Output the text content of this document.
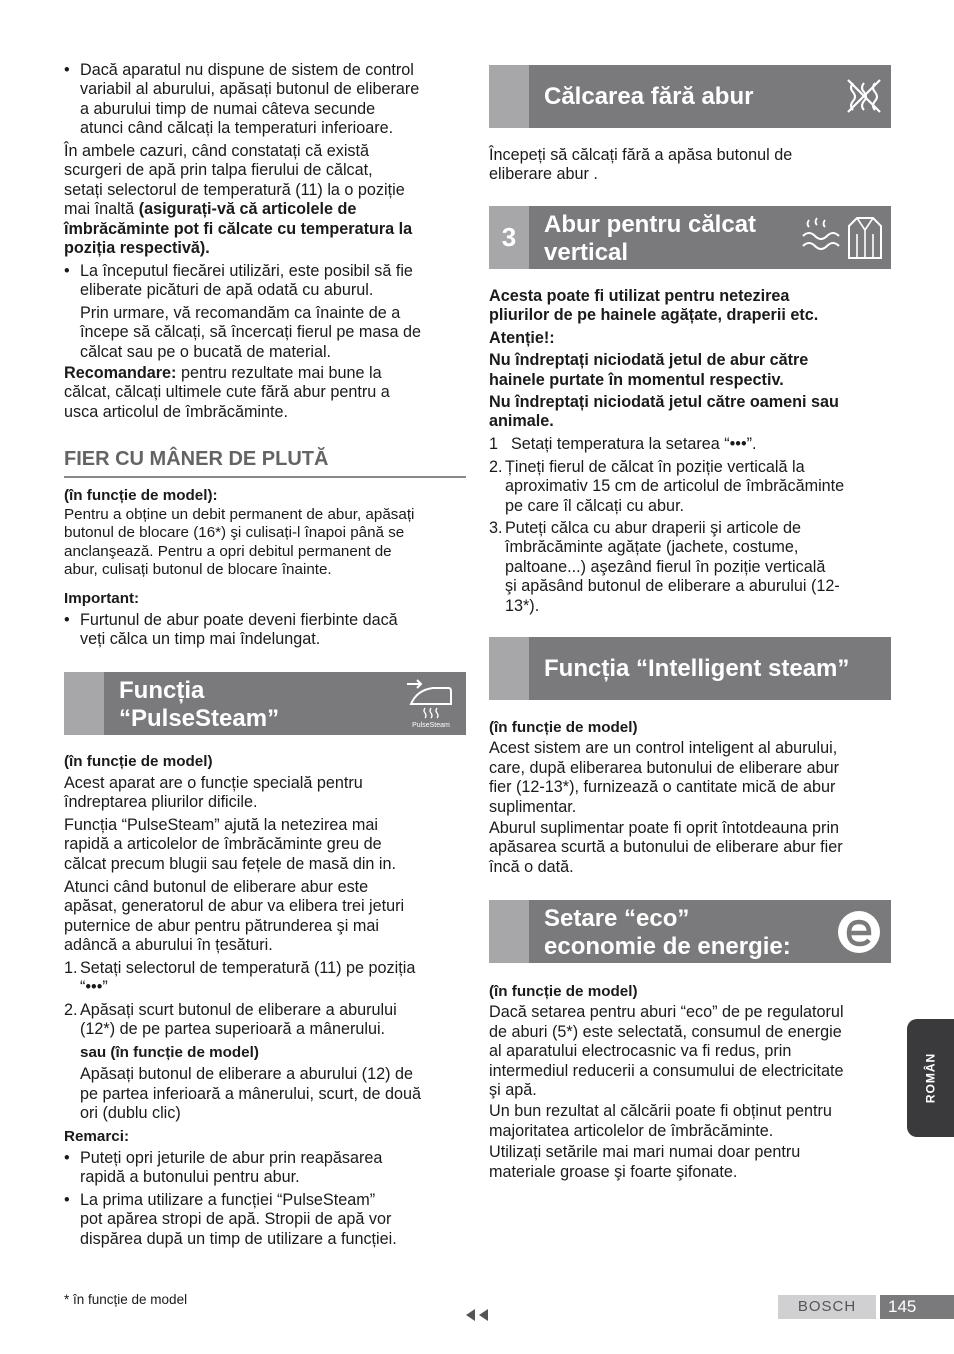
• Dacă aparatul nu dispune de sistem de control

variabil al aburului, apăsați butonul de eliberare

a aburului timp de numai câteva secunde

atunci când călcați la temperaturi inferioare.

În ambele cazuri, când constatați că există

scurgeri de apă prin talpa fierului de călcat,

setați selectorul de temperatură (11) la o poziție

mai înaltă (asigurați-vă că articolele de

îmbrăcăminte pot fi călcate cu temperatura la

poziția respectivă).

• La începutul fiecărei utilizări, este posibil să fie

eliberate picături de apă odată cu aburul.

Prin urmare, vă recomandăm ca înainte de a

începe să călcați, să încercați fierul pe masa de

călcat sau pe o bucată de material.

Recomandare: pentru rezultate mai bune la

călcat, călcați ultimele cute fără abur pentru a

usca articolul de îmbrăcăminte.

FIER CU MÂNER DE PLUTĂ

(în funcție de model):

Pentru a obține un debit permanent de abur, apăsați

butonul de blocare (16*) şi culisați-l înapoi până se

anclanşează. Pentru a opri debitul permanent de

abur, culisați butonul de blocare înainte.

Important:

• Furtunul de abur poate deveni fierbinte dacă

veți călca un timp mai îndelungat.

Funcția
“PulseSteam”	PulseSteam

(în funcție de model)

Acest aparat are o funcție specială pentru

îndreptarea pliurilor dificile.

Funcția “PulseSteam” ajută la netezirea mai

rapidă a articolelor de îmbrăcăminte greu de

călcat precum blugii sau fețele de masă din in.

Atunci când butonul de eliberare abur este

apăsat, generatorul de abur va elibera trei jeturi

puternice de abur pentru pătrunderea şi mai

adâncă a aburului în țesături.

1. Setați selectorul de temperatură (11) pe poziția

“•••”

2. Apăsați scurt butonul de eliberare a aburului

(12*) de pe partea superioară a mânerului.

sau (în funcție de model)

Apăsați butonul de eliberare a aburului (12) de

pe partea inferioară a mânerului, scurt, de două

ori (dublu clic)

Remarci:

• Puteți opri jeturile de abur prin reapăsarea

rapidă a butonului pentru abur.

• La prima utilizare a funcției “PulseSteam”

pot apărea stropi de apă. Stropii de apă vor

dispărea după un timp de utilizare a funcției.

Călcarea fără abur

Începeți să călcați fără a apăsa butonul de

eliberare abur .

3	Abur pentru călcat
vertical

Acesta poate fi utilizat pentru netezirea

pliurilor de pe hainele agățate, draperii etc.

Atenție!:

Nu îndreptați niciodată jetul de abur către

hainele purtate în momentul respectiv.

Nu îndreptați niciodată jetul către oameni sau

animale.

1 Setați temperatura la setarea “•••”.

2. Țineți fierul de călcat în poziție verticală la

aproximativ 15 cm de articolul de îmbrăcăminte

pe care îl călcați cu abur.

3. Puteți călca cu abur draperii şi articole de

îmbrăcăminte agățate (jachete, costume,

paltoane...) aşezând fierul în poziție verticală

şi apăsând butonul de eliberare a aburului (12-

13*).

Funcția “Intelligent steam”

(în funcție de model)

Acest sistem are un control inteligent al aburului,

care, după eliberarea butonului de eliberare abur

fier (12-13*), furnizează o cantitate mică de abur

suplimentar.

Aburul suplimentar poate fi oprit întotdeauna prin

apăsarea scurtă a butonului de eliberare abur fier

încă o dată.

Setare “eco”
economie de energie:

(în funcție de model)

Dacă setarea pentru aburi “eco” de pe regulatorul

de aburi (5*) este selectată, consumul de energie

al aparatului electrocasnic va fi redus, prin

intermediul reducerii a consumului de electricitate

şi apă.

Un bun rezultat al călcării poate fi obținut pentru

majoritatea articolelor de îmbrăcăminte.

Utilizați setările mai mari numai doar pentru

materiale groase şi foarte şifonate.

ROMÂN
* în funcție de model	BOSCH	145
